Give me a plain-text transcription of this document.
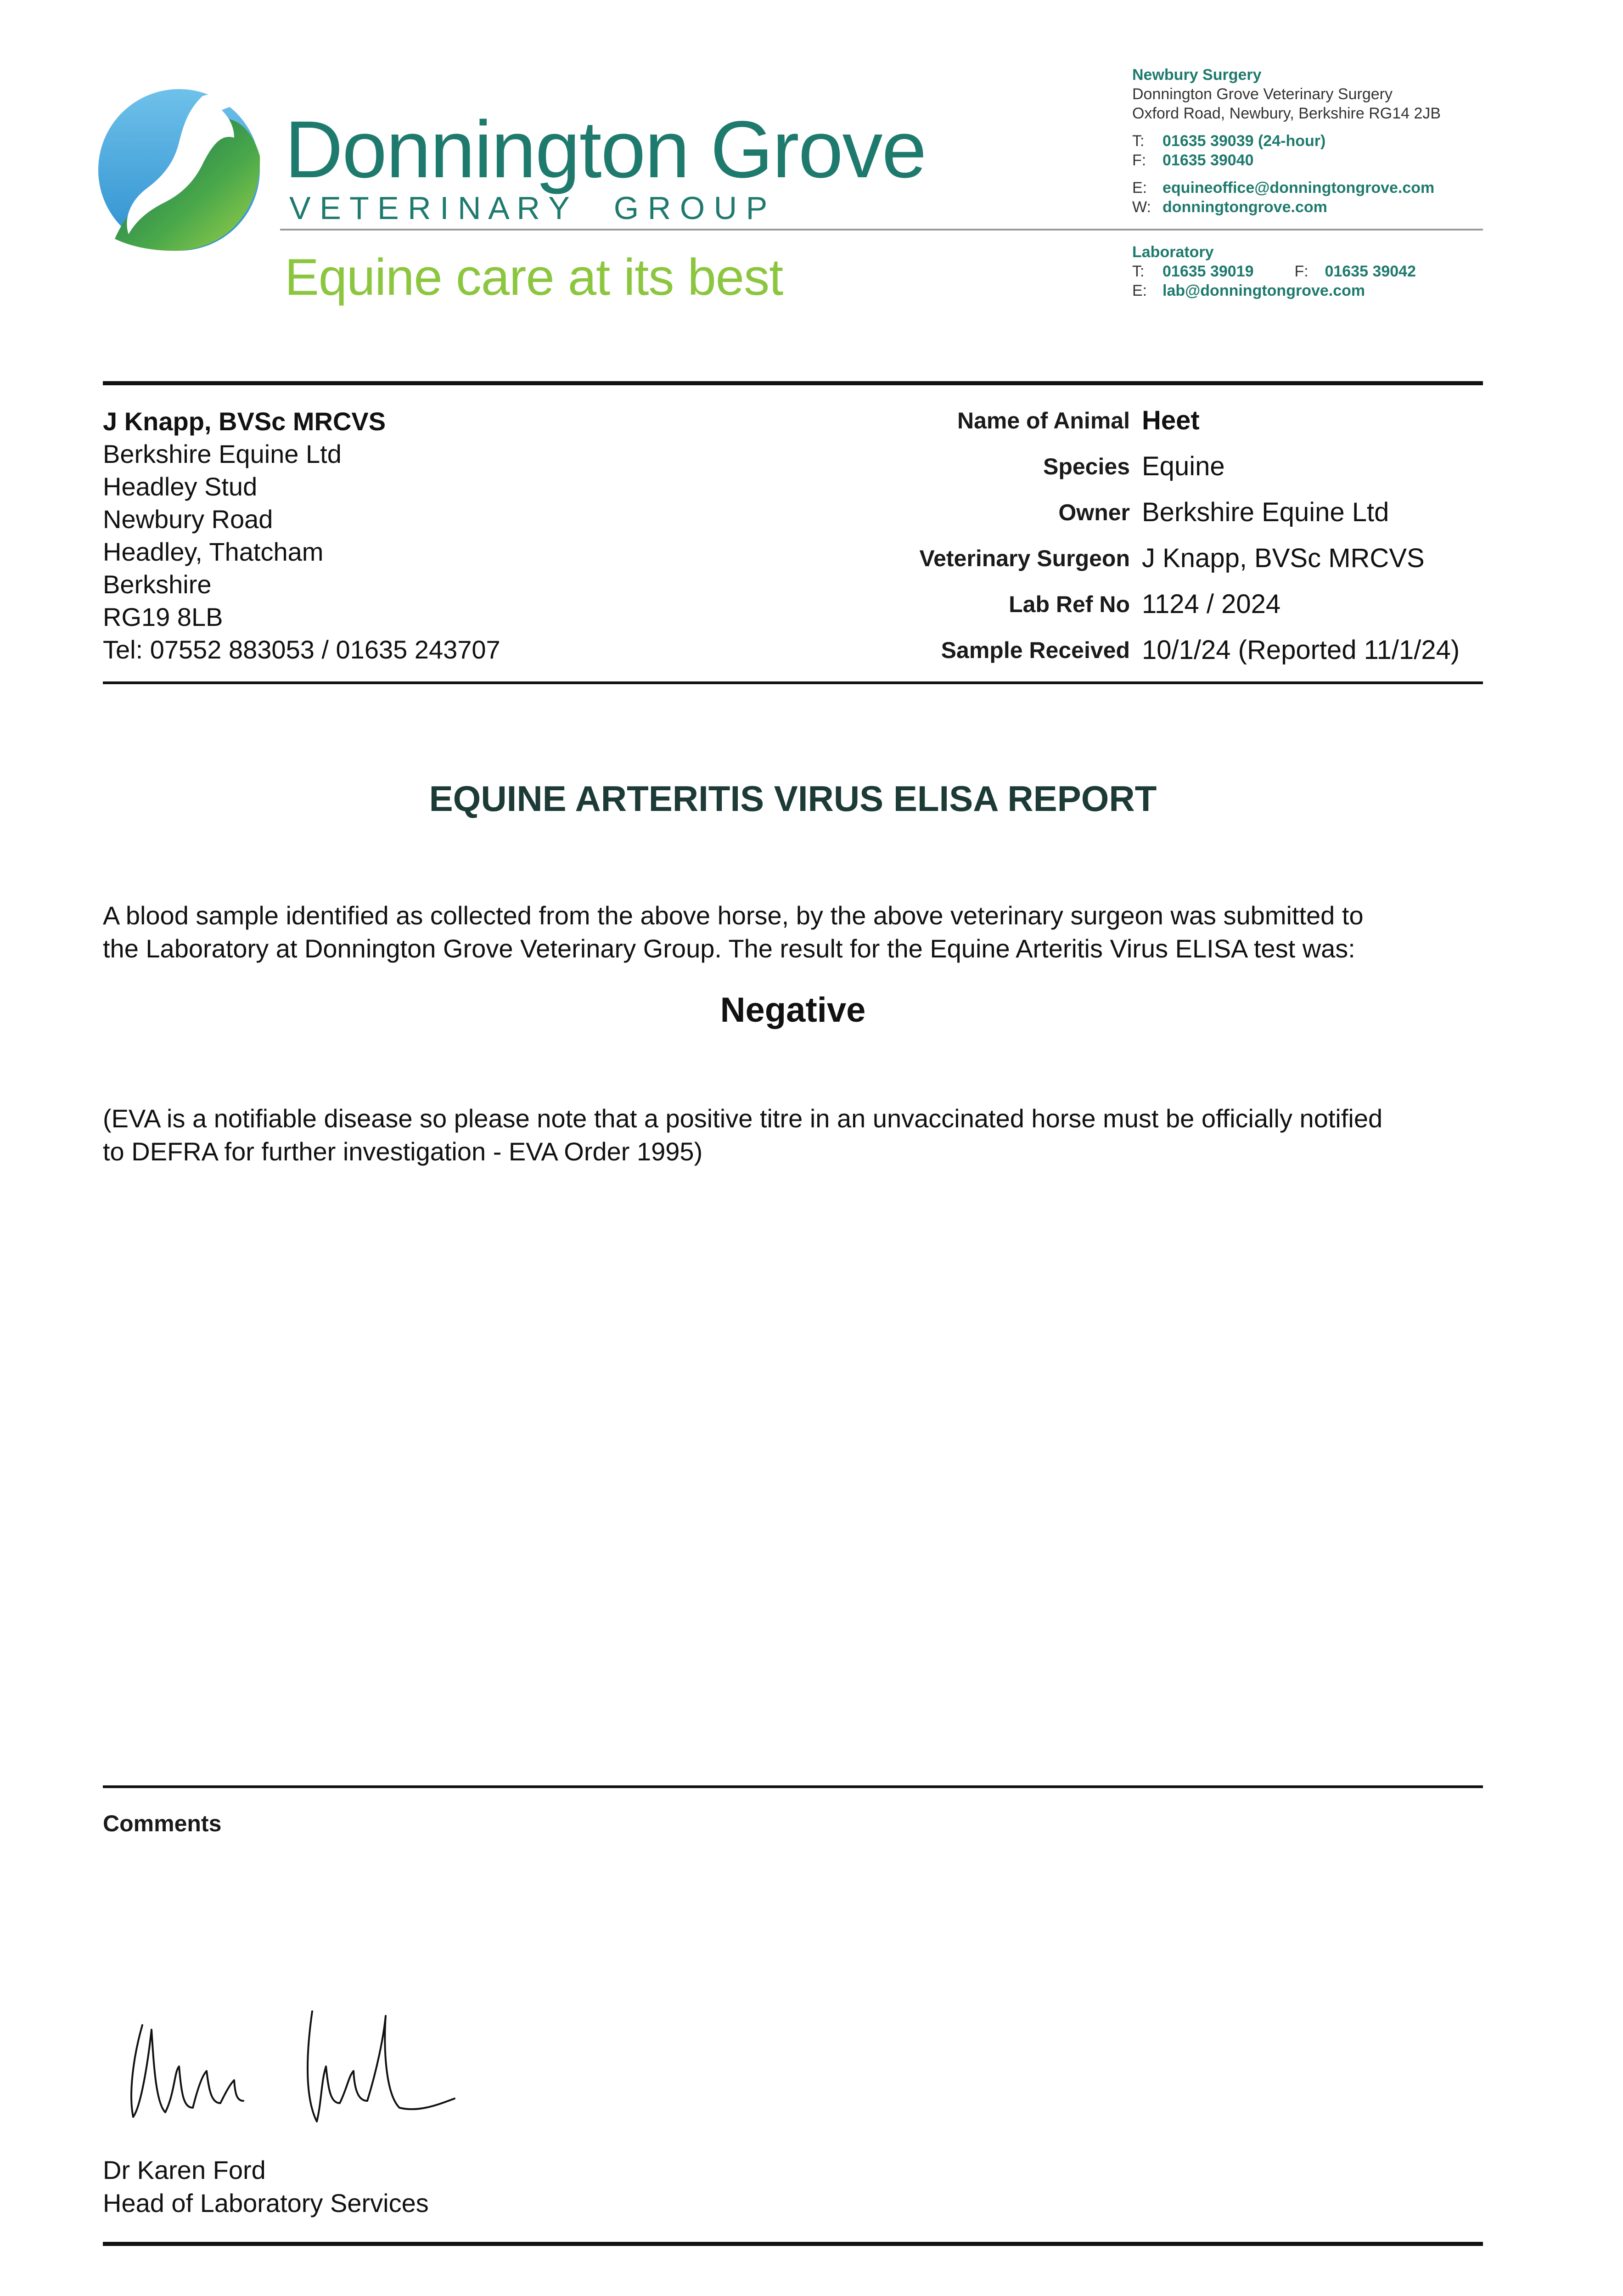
Donnington Grove
V E T E R I N A R Y     G R O U P
Equine care at its best
Newbury Surgery
Donnington Grove Veterinary Surgery
Oxford Road, Newbury, Berkshire RG14 2JB
T: 01635 39039 (24-hour)
F: 01635 39040
E: equineoffice@donningtongrove.com
W: donningtongrove.com
Laboratory
T: 01635 39019	F: 01635 39042
E: lab@donningtongrove.com
J Knapp, BVSc MRCVS
Berkshire Equine Ltd
Headley Stud
Newbury Road
Headley, Thatcham
Berkshire
RG19 8LB
Tel: 07552 883053 / 01635 243707
Name of Animal Heet
Species Equine
Owner Berkshire Equine Ltd
Veterinary Surgeon J Knapp, BVSc MRCVS
Lab Ref No 1124 / 2024
Sample Received 10/1/24 (Reported 11/1/24)
EQUINE ARTERITIS VIRUS ELISA REPORT
A blood sample identified as collected from the above horse, by the above veterinary surgeon was submitted to
the Laboratory at Donnington Grove Veterinary Group. The result for the Equine Arteritis Virus ELISA test was:
Negative
(EVA is a notifiable disease so please note that a positive titre in an unvaccinated horse must be officially notified
to DEFRA for further investigation - EVA Order 1995)
Comments
Dr Karen Ford
Head of Laboratory Services
